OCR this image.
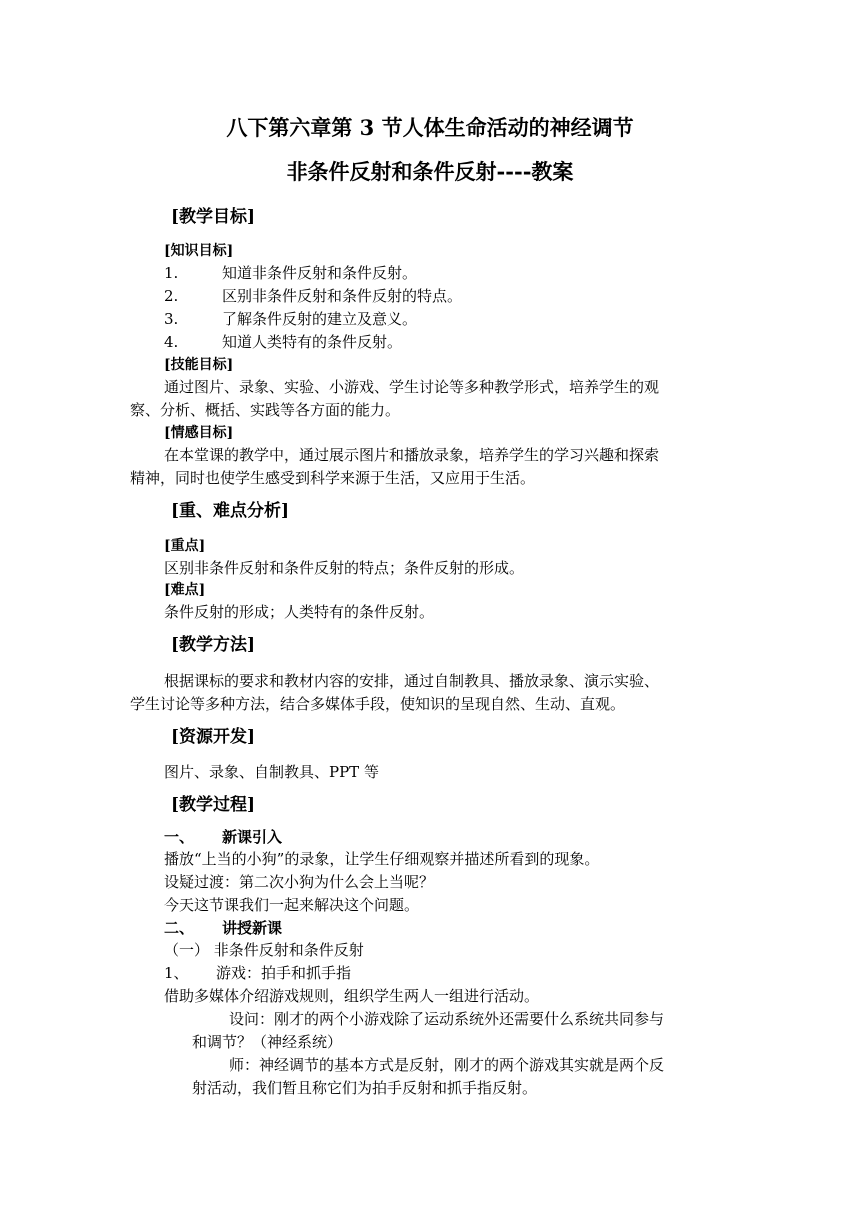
八下第六章第 3 节人体生命活动的神经调节
非条件反射和条件反射----教案
[教学目标]
[知识目标]
1.	知道非条件反射和条件反射。
2.	区别非条件反射和条件反射的特点。
3.	了解条件反射的建立及意义。
4.	知道人类特有的条件反射。
[技能目标]
通过图片、录象、实验、小游戏、学生讨论等多种教学形式，培养学生的观
察、分析、概括、实践等各方面的能力。
[情感目标]
在本堂课的教学中，通过展示图片和播放录象，培养学生的学习兴趣和探索
精神，同时也使学生感受到科学来源于生活，又应用于生活。
[重、难点分析]
[重点]
区别非条件反射和条件反射的特点；条件反射的形成。
[难点]
条件反射的形成；人类特有的条件反射。
[教学方法]
根据课标的要求和教材内容的安排，通过自制教具、播放录象、演示实验、
学生讨论等多种方法，结合多媒体手段，使知识的呈现自然、生动、直观。
[资源开发]
图片、录象、自制教具、PPT 等
[教学过程]
一、 新课引入
播放“上当的小狗”的录象，让学生仔细观察并描述所看到的现象。
设疑过渡：第二次小狗为什么会上当呢？
今天这节课我们一起来解决这个问题。
二、 讲授新课
（一） 非条件反射和条件反射
1、 游戏：拍手和抓手指
借助多媒体介绍游戏规则，组织学生两人一组进行活动。
设问：刚才的两个小游戏除了运动系统外还需要什么系统共同参与
和调节？（神经系统）
师：神经调节的基本方式是反射，刚才的两个游戏其实就是两个反
射活动，我们暂且称它们为拍手反射和抓手指反射。
